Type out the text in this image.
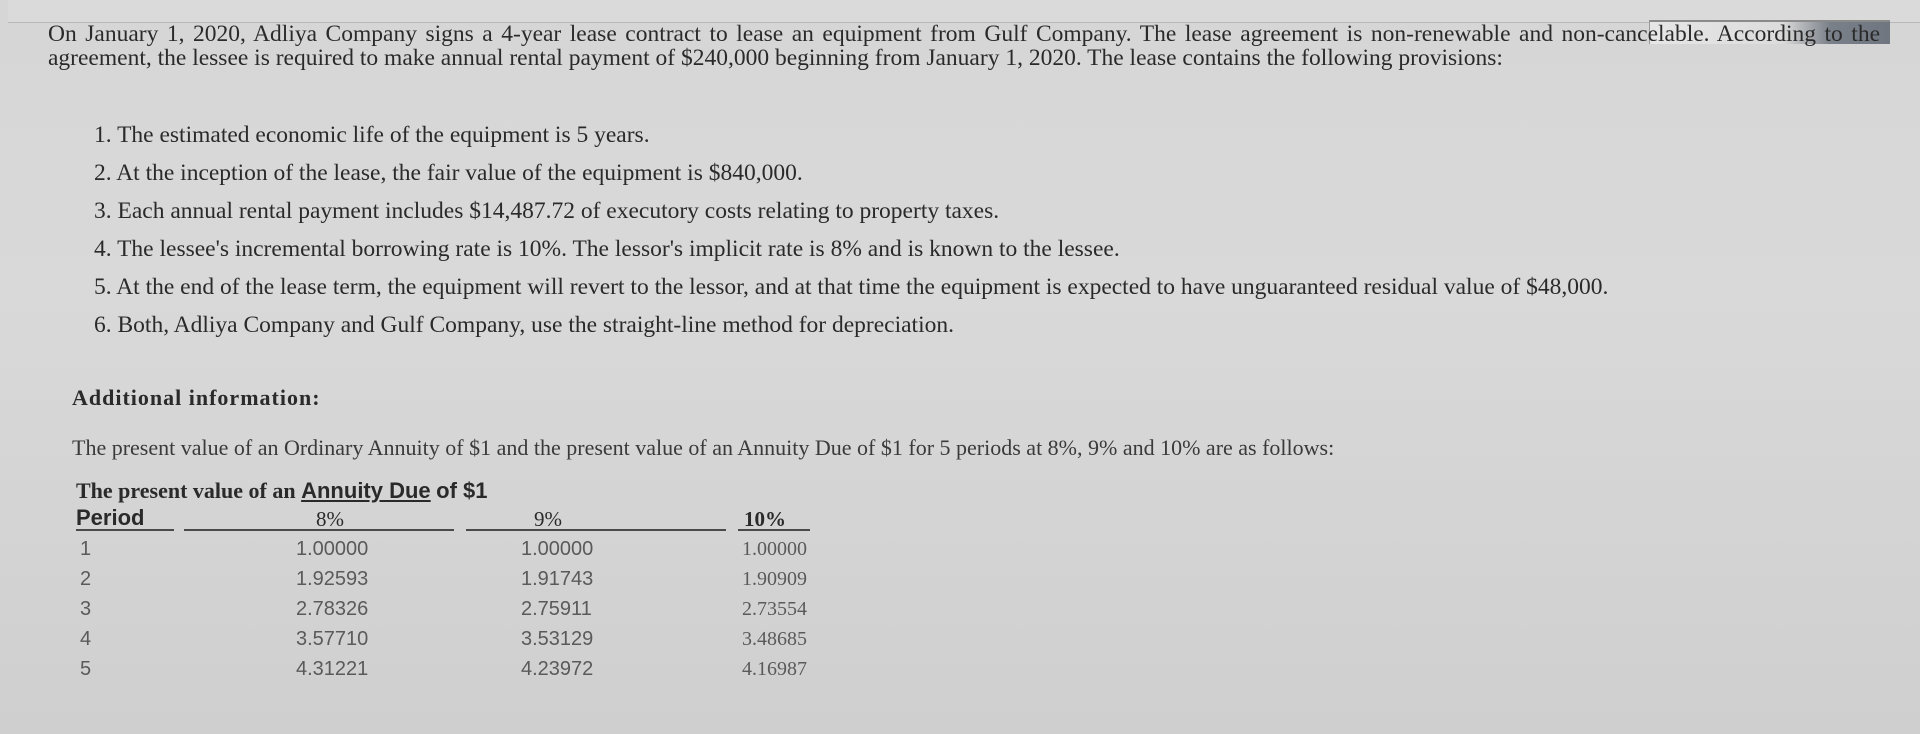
On January 1, 2020, Adliya Company signs a 4-year lease contract to lease an equipment from Gulf Company. The lease agreement is non-renewable and non-cancelable. According to the agreement, the lessee is required to make annual rental payment of $240,000 beginning from January 1, 2020. The lease contains the following provisions:
1. The estimated economic life of the equipment is 5 years.
2. At the inception of the lease, the fair value of the equipment is $840,000.
3. Each annual rental payment includes $14,487.72 of executory costs relating to property taxes.
4. The lessee's incremental borrowing rate is 10%. The lessor's implicit rate is 8% and is known to the lessee.
5. At the end of the lease term, the equipment will revert to the lessor, and at that time the equipment is expected to have unguaranteed residual value of $48,000.
6. Both, Adliya Company and Gulf Company, use the straight-line method for depreciation.
Additional information:
The present value of an Ordinary Annuity of $1 and the present value of an Annuity Due of $1 for 5 periods at 8%, 9% and 10% are as follows:
The present value of an Annuity Due of $1
Period	8%	9%	10%
1	1.00000	1.00000	1.00000
2	1.92593	1.91743	1.90909
3	2.78326	2.75911	2.73554
4	3.57710	3.53129	3.48685
5	4.31221	4.23972	4.16987
